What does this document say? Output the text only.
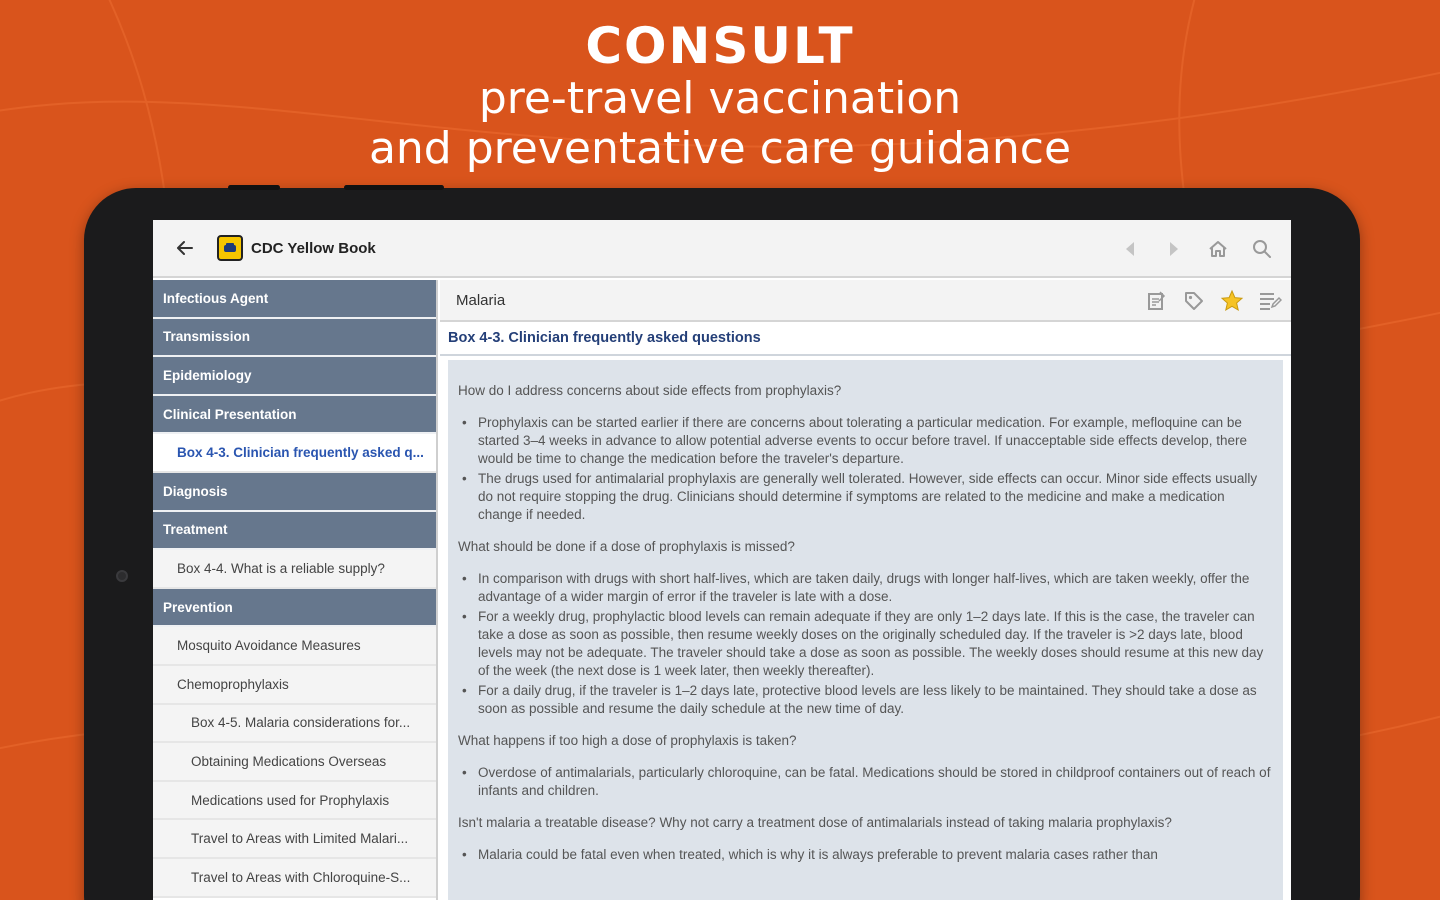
CONSULT
pre-travel vaccination
and preventative care guidance
CDC Yellow Book
Infectious Agent
Transmission
Epidemiology
Clinical Presentation
Box 4-3. Clinician frequently asked q...
Diagnosis
Treatment
Box 4-4. What is a reliable supply?
Prevention
Mosquito Avoidance Measures
Chemoprophylaxis
Box 4-5. Malaria considerations for...
Obtaining Medications Overseas
Medications used for Prophylaxis
Travel to Areas with Limited Malari...
Travel to Areas with Chloroquine-S...
Malaria
Box 4-3. Clinician frequently asked questions
How do I address concerns about side effects from prophylaxis?
• Prophylaxis can be started earlier if there are concerns about tolerating a particular medication. For example, mefloquine can be started 3–4 weeks in advance to allow potential adverse events to occur before travel. If unacceptable side effects develop, there would be time to change the medication before the traveler's departure.
• The drugs used for antimalarial prophylaxis are generally well tolerated. However, side effects can occur. Minor side effects usually do not require stopping the drug. Clinicians should determine if symptoms are related to the medicine and make a medication change if needed.
What should be done if a dose of prophylaxis is missed?
• In comparison with drugs with short half-lives, which are taken daily, drugs with longer half-lives, which are taken weekly, offer the advantage of a wider margin of error if the traveler is late with a dose.
• For a weekly drug, prophylactic blood levels can remain adequate if they are only 1–2 days late. If this is the case, the traveler can take a dose as soon as possible, then resume weekly doses on the originally scheduled day. If the traveler is >2 days late, blood levels may not be adequate. The traveler should take a dose as soon as possible. The weekly doses should resume at this new day of the week (the next dose is 1 week later, then weekly thereafter).
• For a daily drug, if the traveler is 1–2 days late, protective blood levels are less likely to be maintained. They should take a dose as soon as possible and resume the daily schedule at the new time of day.
What happens if too high a dose of prophylaxis is taken?
• Overdose of antimalarials, particularly chloroquine, can be fatal. Medications should be stored in childproof containers out of reach of infants and children.
Isn't malaria a treatable disease? Why not carry a treatment dose of antimalarials instead of taking malaria prophylaxis?
• Malaria could be fatal even when treated, which is why it is always preferable to prevent malaria cases rather than
